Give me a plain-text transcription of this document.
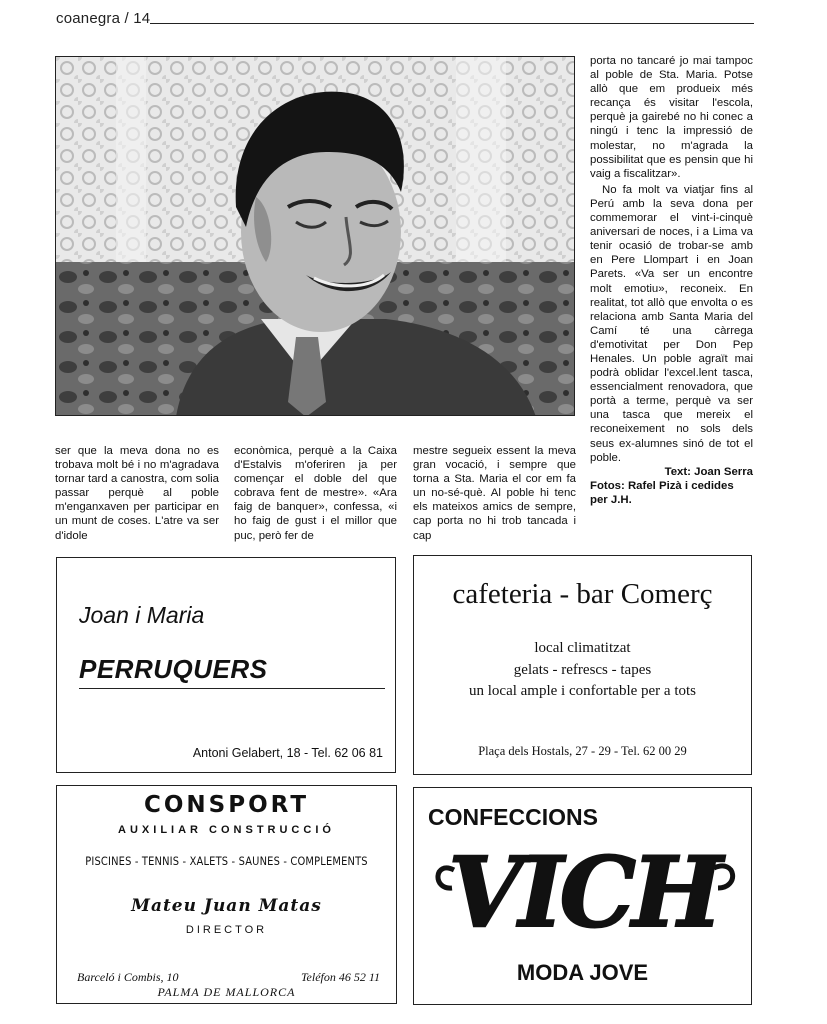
coanegra / 14

ser que la meva dona no es trobava molt bé i no m'agradava tornar tard a canostra, com solia passar perquè al poble m'enganxaven per participar en un munt de coses. L'atre va ser d'idole

econòmica, perquè a la Caixa d'Estalvis m'oferiren ja per començar el doble del que cobrava fent de mestre». «Ara faig de banquer», confessa, «i ho faig de gust i el millor que puc, però fer de

mestre segueix essent la meva gran vocació, i sempre que torna a Sta. Maria el cor em fa un no-sé-què. Al poble hi tenc els mateixos amics de sempre, cap porta no hi trob tancada i cap

porta no tancaré jo mai tampoc al poble de Sta. Maria. Potse allò que em produeix més recança és visitar l'escola, perquè ja gairebé no hi conec a ningú i tenc la impressió de molestar, no m'agrada la possibilitat que es pensin que hi vaig a fiscalitzar».

No fa molt va viatjar fins al Perú amb la seva dona per commemorar el vint-i-cinquè aniversari de noces, i a Lima va tenir ocasió de trobar-se amb en Pere Llompart i en Joan Parets. «Va ser un encontre molt emotiu», reconeix. En realitat, tot allò que envolta o es relaciona amb Santa Maria del Camí té una càrrega d'emotivitat per Don Pep Henales. Un poble agraït mai podrà oblidar l'excel.lent tasca, essencialment renovadora, que portà a terme, perquè va ser una tasca que mereix el reconeixement no sols dels seus ex-alumnes sinó de tot el poble.

Text: Joan Serra

Fotos: Rafel Pizà i cedides per J.H.

Joan i Maria
PERRUQUERS
Antoni Gelabert, 18 - Tel. 62 06 81
cafeteria - bar Comerç
local climatitzat
gelats - refrescs - tapes
un local ample i confortable per a tots
Plaça dels Hostals, 27 - 29 - Tel. 62 00 29
CONSPORT
AUXILIAR CONSTRUCCIÓ
PISCINES - TENNIS - XALETS - SAUNES - COMPLEMENTS
Mateu Juan Matas
DIRECTOR
Barceló i Combis, 10	Teléfon 46 52 11
PALMA DE MALLORCA
CONFECCIONS
VICH
MODA JOVE
